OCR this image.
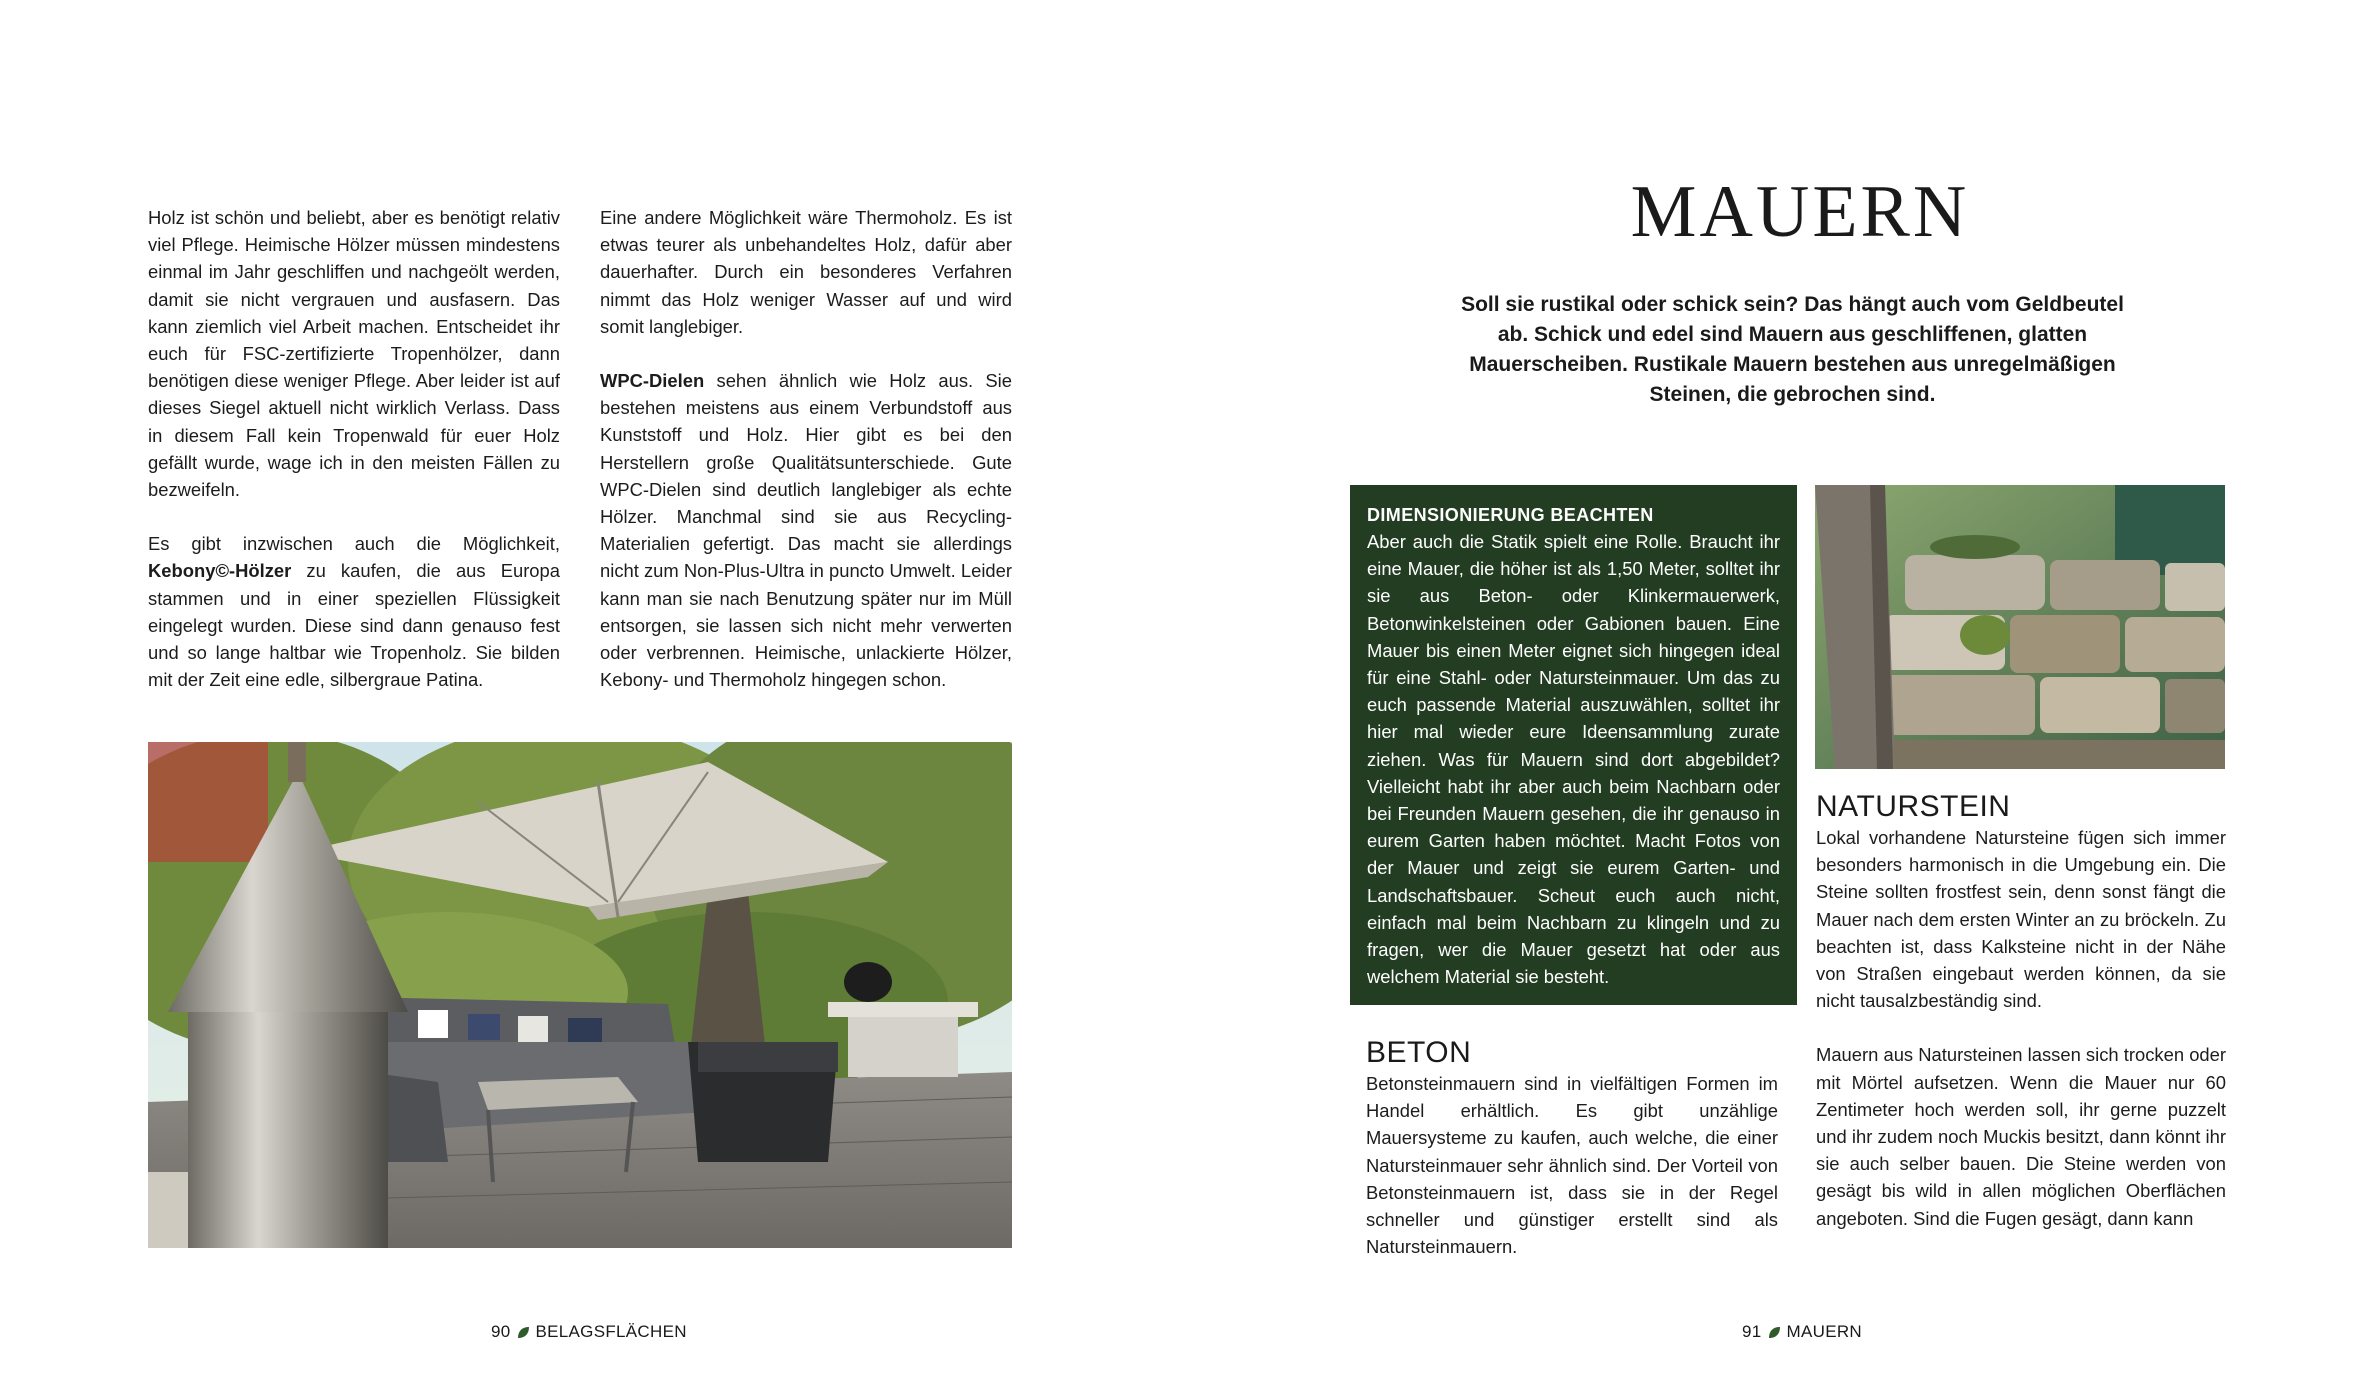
Holz ist schön und beliebt, aber es benötigt relativ viel Pflege. Heimische Hölzer müssen mindestens einmal im Jahr geschliffen und nachgeölt werden, damit sie nicht vergrauen und ausfasern. Das kann ziemlich viel Arbeit machen. Entscheidet ihr euch für FSC-zertifizierte Tropenhölzer, dann benötigen diese weniger Pflege. Aber leider ist auf dieses Siegel aktuell nicht wirklich Verlass. Dass in diesem Fall kein Tropenwald für euer Holz gefällt wurde, wage ich in den meisten Fällen zu bezweifeln.

Es gibt inzwischen auch die Möglichkeit, Kebony©-Hölzer zu kaufen, die aus Europa stammen und in einer speziellen Flüssigkeit eingelegt wurden. Diese sind dann genauso fest und so lange haltbar wie Tropenholz. Sie bilden mit der Zeit eine edle, silbergraue Patina.

Eine andere Möglichkeit wäre Thermoholz. Es ist etwas teurer als unbehandeltes Holz, dafür aber dauerhafter. Durch ein besonderes Verfahren nimmt das Holz weniger Wasser auf und wird somit langlebiger.

WPC-Dielen sehen ähnlich wie Holz aus. Sie bestehen meistens aus einem Verbundstoff aus Kunststoff und Holz. Hier gibt es bei den Herstellern große Qualitätsunterschiede. Gute WPC-Dielen sind deutlich langlebiger als echte Hölzer. Manchmal sind sie aus Recycling-Materialien gefertigt. Das macht sie allerdings nicht zum Non-Plus-Ultra in puncto Umwelt. Leider kann man sie nach Benutzung später nur im Müll entsorgen, sie lassen sich nicht mehr verwerten oder verbrennen. Heimische, unlackierte Hölzer, Kebony- und Thermoholz hingegen schon.

90 BELAGSFLÄCHEN
MAUERN
Soll sie rustikal oder schick sein? Das hängt auch vom Geldbeutel ab. Schick und edel sind Mauern aus geschliffenen, glatten Mauerscheiben. Rustikale Mauern bestehen aus unregelmäßigen Steinen, die gebrochen sind.
DIMENSIONIERUNG BEACHTEN

Aber auch die Statik spielt eine Rolle. Braucht ihr eine Mauer, die höher ist als 1,50 Meter, solltet ihr sie aus Beton- oder Klinkermauerwerk, Betonwinkelsteinen oder Gabionen bauen. Eine Mauer bis einen Meter eignet sich hingegen ideal für eine Stahl- oder Natursteinmauer. Um das zu euch passende Material auszuwählen, solltet ihr hier mal wieder eure Ideensammlung zurate ziehen. Was für Mauern sind dort abgebildet? Vielleicht habt ihr aber auch beim Nachbarn oder bei Freunden Mauern gesehen, die ihr genauso in eurem Garten haben möchtet. Macht Fotos von der Mauer und zeigt sie eurem Garten- und Landschaftsbauer. Scheut euch auch nicht, einfach mal beim Nachbarn zu klingeln und zu fragen, wer die Mauer gesetzt hat oder aus welchem Material sie besteht.

NATURSTEIN

Lokal vorhandene Natursteine fügen sich immer besonders harmonisch in die Umgebung ein. Die Steine sollten frostfest sein, denn sonst fängt die Mauer nach dem ersten Winter an zu bröckeln. Zu beachten ist, dass Kalksteine nicht in der Nähe von Straßen eingebaut werden können, da sie nicht tausalzbeständig sind.

Mauern aus Natursteinen lassen sich trocken oder mit Mörtel aufsetzen. Wenn die Mauer nur 60 Zentimeter hoch werden soll, ihr gerne puzzelt und ihr zudem noch Muckis besitzt, dann könnt ihr sie auch selber bauen. Die Steine werden von gesägt bis wild in allen möglichen Oberflächen angeboten. Sind die Fugen gesägt, dann kann

BETON

Betonsteinmauern sind in vielfältigen Formen im Handel erhältlich. Es gibt unzählige Mauersysteme zu kaufen, auch welche, die einer Natursteinmauer sehr ähnlich sind. Der Vorteil von Betonsteinmauern ist, dass sie in der Regel schneller und günstiger erstellt sind als Natursteinmauern.

91 MAUERN
